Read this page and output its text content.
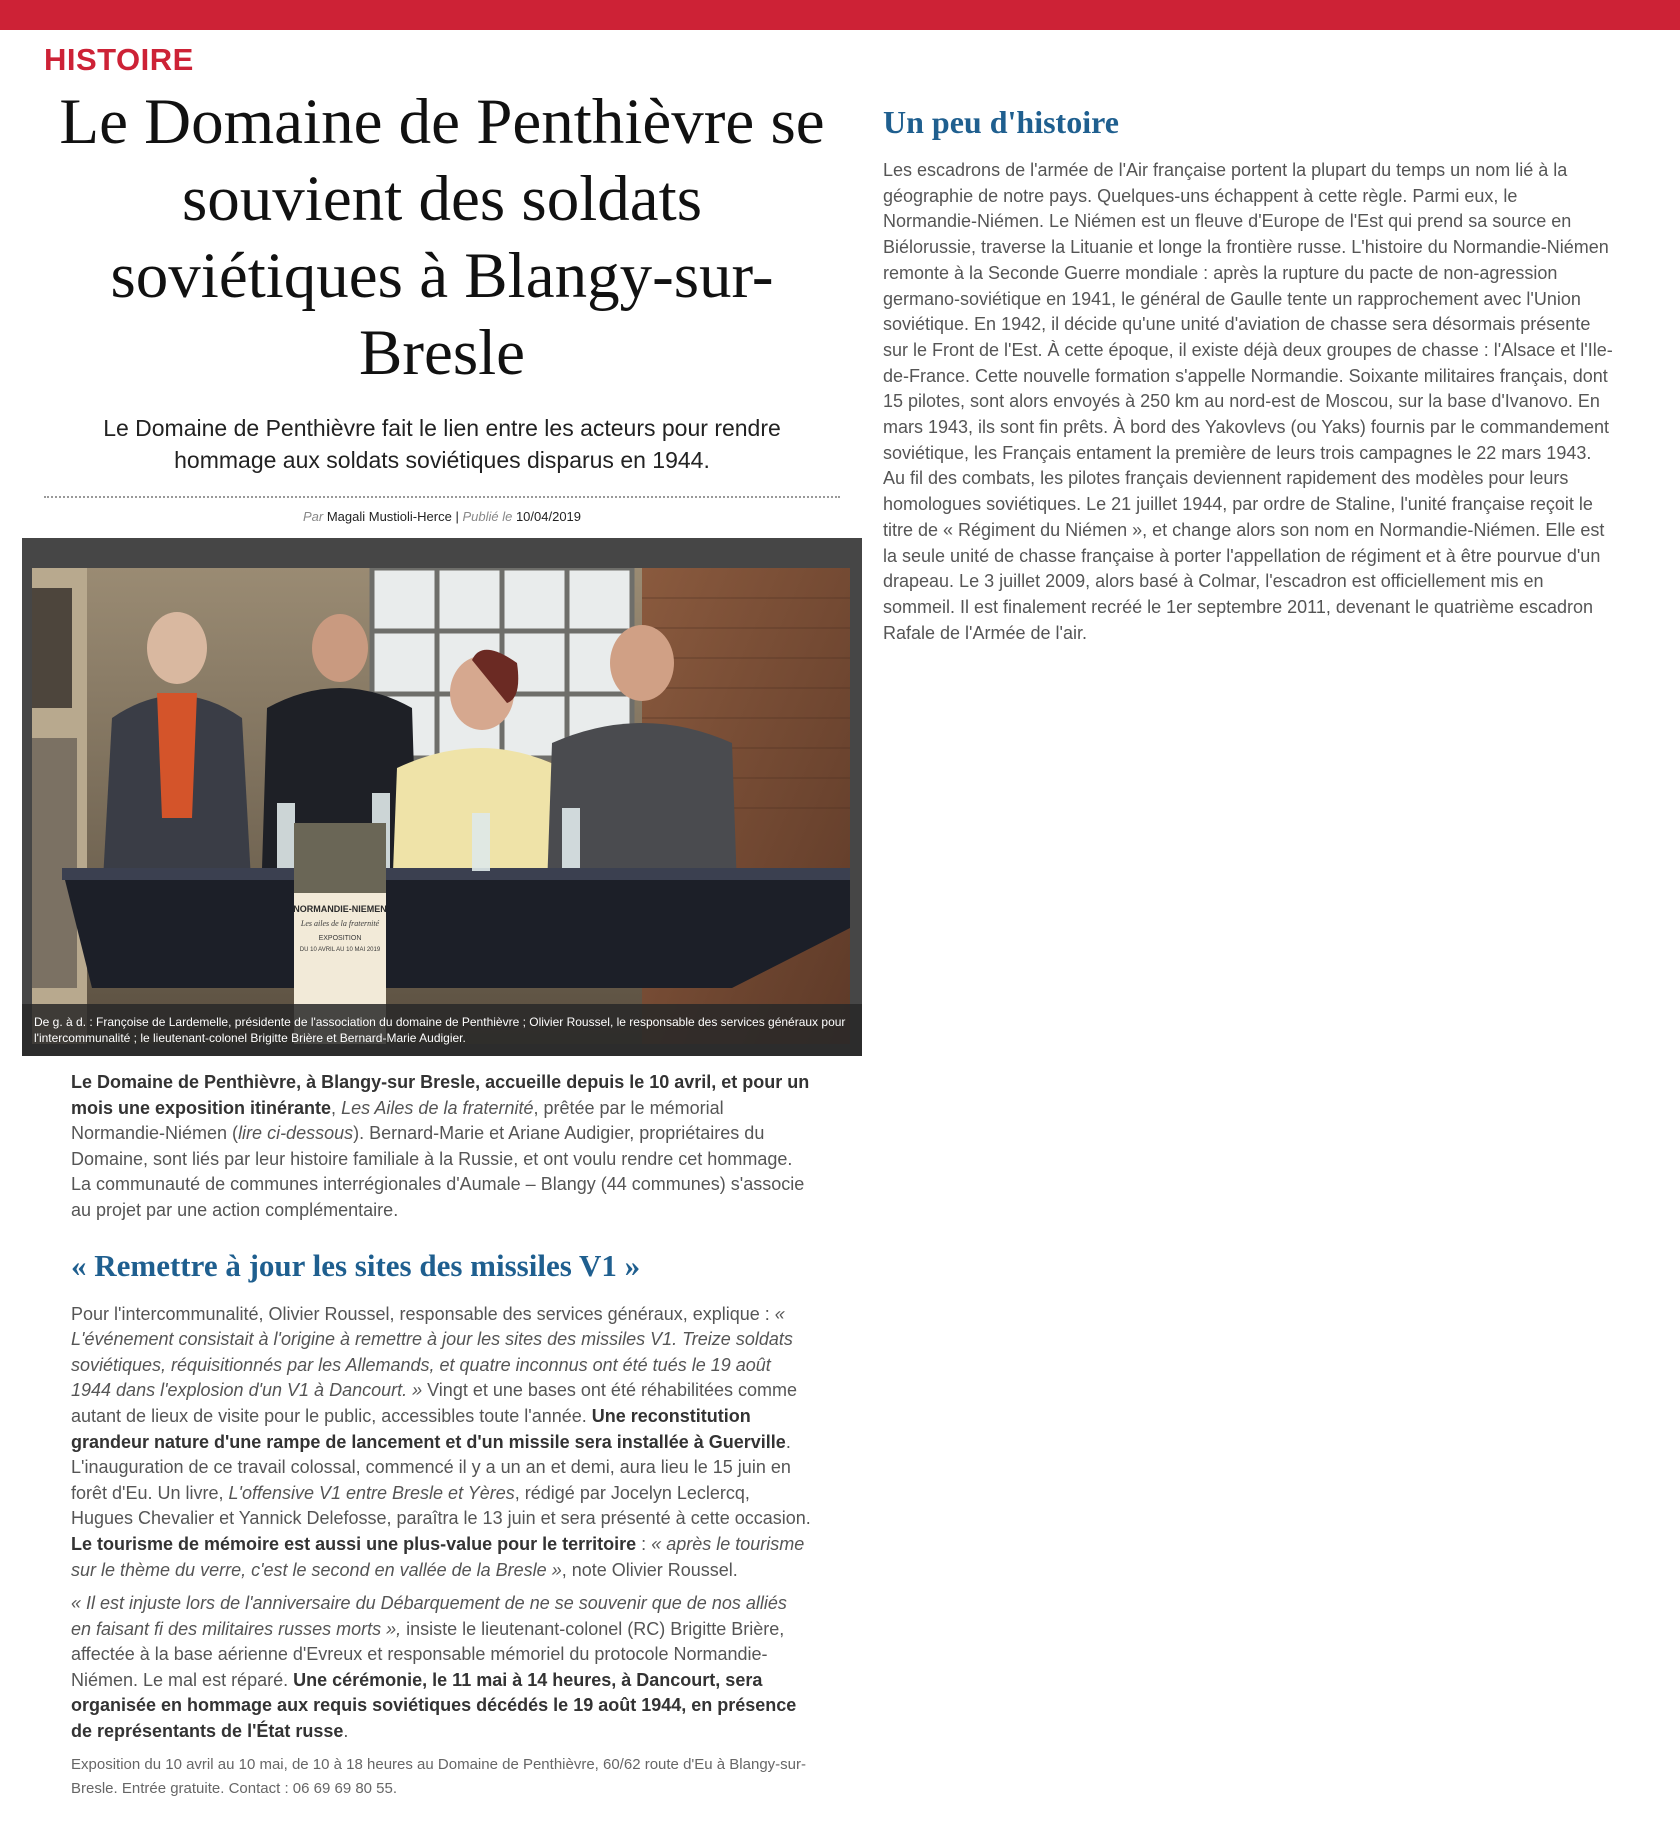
HISTOIRE
Le Domaine de Penthièvre se souvient des soldats soviétiques à Blangy-sur-Bresle

Le Domaine de Penthièvre fait le lien entre les acteurs pour rendre hommage aux soldats soviétiques disparus en 1944.

Par Magali Mustioli-Herce | Publié le 10/04/2019
NORMANDIE-NIEMEN
Les ailes de la fraternité
EXPOSITION
DU 10 AVRIL AU 10 MAI 2019
De g. à d. : Françoise de Lardemelle, présidente de l'association du domaine de Penthièvre ; Olivier Roussel, le responsable des services généraux pour l'intercommunalité ; le lieutenant-colonel Brigitte Brière et Bernard-Marie Audigier.

Le Domaine de Penthièvre, à Blangy-sur Bresle, accueille depuis le 10 avril, et pour un mois une exposition itinérante, Les Ailes de la fraternité, prêtée par le mémorial Normandie-Niémen (lire ci-dessous). Bernard-Marie et Ariane Audigier, propriétaires du Domaine, sont liés par leur histoire familiale à la Russie, et ont voulu rendre cet hommage. La communauté de communes interrégionales d'Aumale – Blangy (44 communes) s'associe au projet par une action complémentaire.

« Remettre à jour les sites des missiles V1 »

Pour l'intercommunalité, Olivier Roussel, responsable des services généraux, explique : « L'événement consistait à l'origine à remettre à jour les sites des missiles V1. Treize soldats soviétiques, réquisitionnés par les Allemands, et quatre inconnus ont été tués le 19 août 1944 dans l'explosion d'un V1 à Dancourt. » Vingt et une bases ont été réhabilitées comme autant de lieux de visite pour le public, accessibles toute l'année. Une reconstitution grandeur nature d'une rampe de lancement et d'un missile sera installée à Guerville. L'inauguration de ce travail colossal, commencé il y a un an et demi, aura lieu le 15 juin en forêt d'Eu. Un livre, L'offensive V1 entre Bresle et Yères, rédigé par Jocelyn Leclercq, Hugues Chevalier et Yannick Delefosse, paraîtra le 13 juin et sera présenté à cette occasion. Le tourisme de mémoire est aussi une plus-value pour le territoire : « après le tourisme sur le thème du verre, c'est le second en vallée de la Bresle », note Olivier Roussel.

« Il est injuste lors de l'anniversaire du Débarquement de ne se souvenir que de nos alliés en faisant fi des militaires russes morts », insiste le lieutenant-colonel (RC) Brigitte Brière, affectée à la base aérienne d'Evreux et responsable mémoriel du protocole Normandie-Niémen. Le mal est réparé. Une cérémonie, le 11 mai à 14 heures, à Dancourt, sera organisée en hommage aux requis soviétiques décédés le 19 août 1944, en présence de représentants de l'État russe.

Exposition du 10 avril au 10 mai, de 10 à 18 heures au Domaine de Penthièvre, 60/62 route d'Eu à Blangy-sur-Bresle. Entrée gratuite. Contact : 06 69 69 80 55.

Un peu d'histoire

Les escadrons de l'armée de l'Air française portent la plupart du temps un nom lié à la géographie de notre pays. Quelques-uns échappent à cette règle. Parmi eux, le Normandie-Niémen. Le Niémen est un fleuve d'Europe de l'Est qui prend sa source en Biélorussie, traverse la Lituanie et longe la frontière russe. L'histoire du Normandie-Niémen remonte à la Seconde Guerre mondiale : après la rupture du pacte de non-agression germano-soviétique en 1941, le général de Gaulle tente un rapprochement avec l'Union soviétique. En 1942, il décide qu'une unité d'aviation de chasse sera désormais présente sur le Front de l'Est. À cette époque, il existe déjà deux groupes de chasse : l'Alsace et l'Ile-de-France. Cette nouvelle formation s'appelle Normandie. Soixante militaires français, dont 15 pilotes, sont alors envoyés à 250 km au nord-est de Moscou, sur la base d'Ivanovo. En mars 1943, ils sont fin prêts. À bord des Yakovlevs (ou Yaks) fournis par le commandement soviétique, les Français entament la première de leurs trois campagnes le 22 mars 1943. Au fil des combats, les pilotes français deviennent rapidement des modèles pour leurs homologues soviétiques. Le 21 juillet 1944, par ordre de Staline, l'unité française reçoit le titre de « Régiment du Niémen », et change alors son nom en Normandie-Niémen. Elle est la seule unité de chasse française à porter l'appellation de régiment et à être pourvue d'un drapeau. Le 3 juillet 2009, alors basé à Colmar, l'escadron est officiellement mis en sommeil. Il est finalement recréé le 1er septembre 2011, devenant le quatrième escadron Rafale de l'Armée de l'air.
